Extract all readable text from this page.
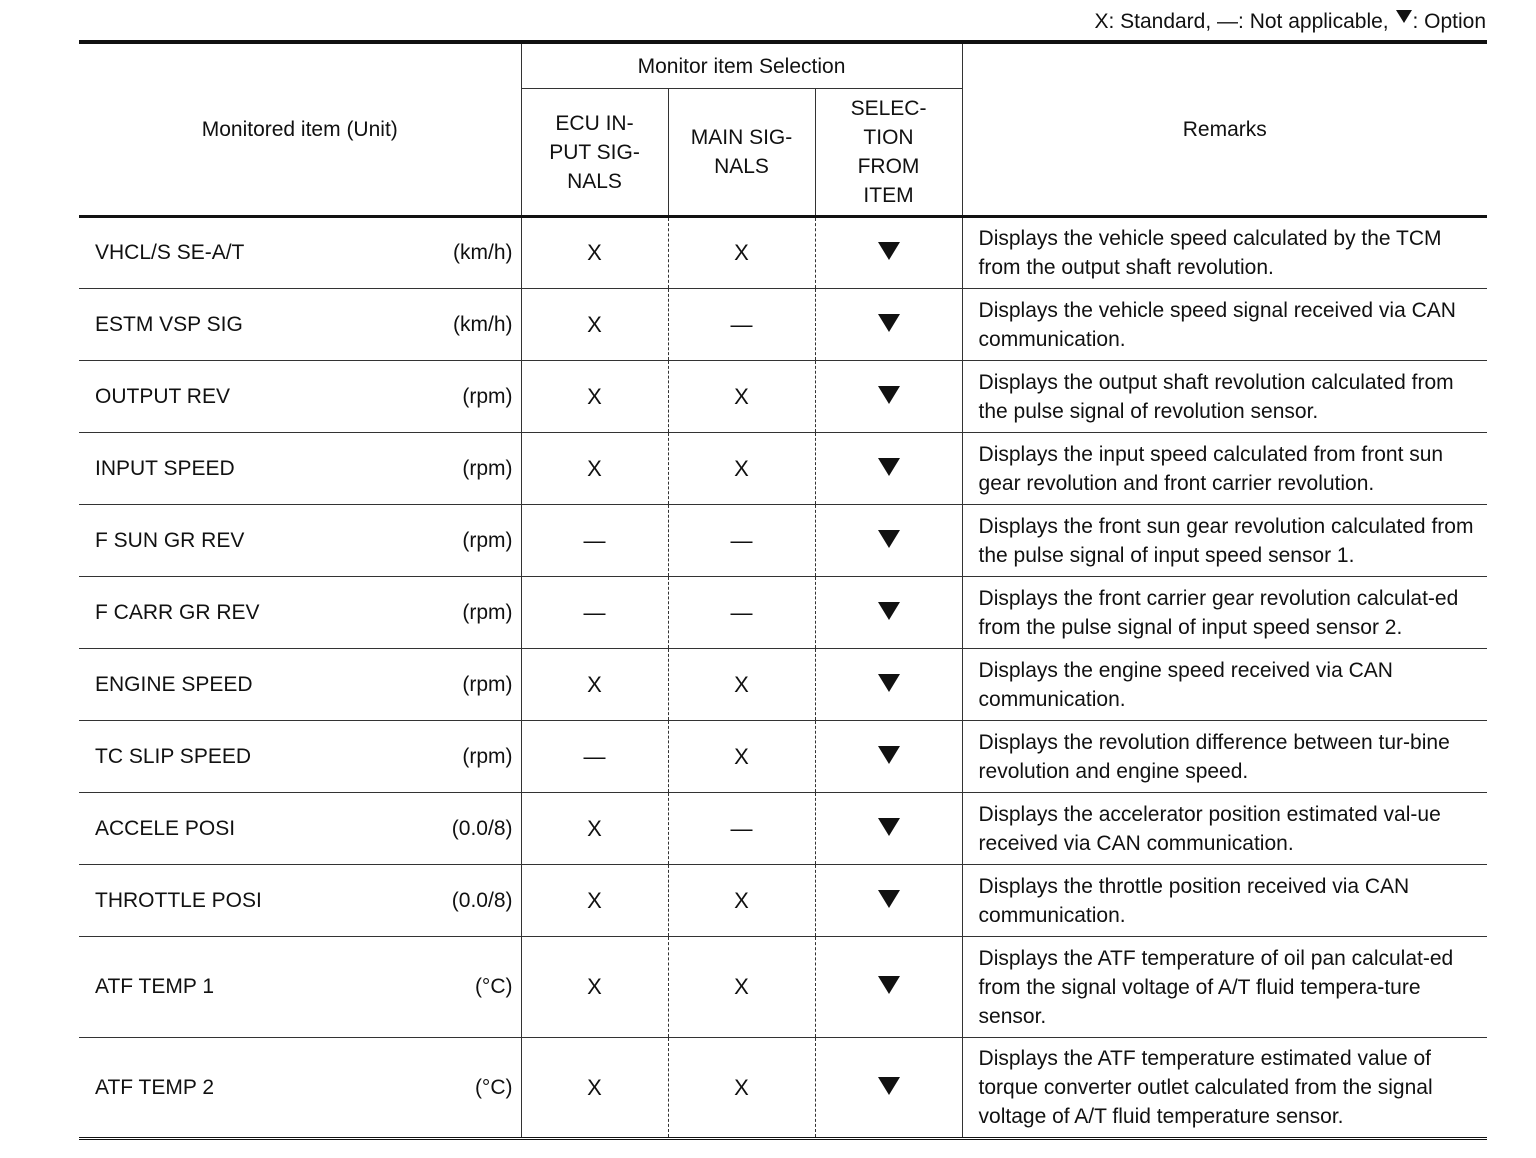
X: Standard, —: Not applicable, : Option
Monitored item (Unit)	Monitor item Selection			Remarks
	ECU IN-
PUT SIG-
NALS	MAIN SIG-
NALS	SELEC-
TION
FROM
ITEM	

VHCL/S SE-A/T (km/h)	X	X		Displays the vehicle speed calculated by the TCM from the output shaft revolution.

ESTM VSP SIG (km/h)	X	—		Displays the vehicle speed signal received via CAN communication.

OUTPUT REV (rpm)	X	X		Displays the output shaft revolution calculated from the pulse signal of revolution sensor.

INPUT SPEED (rpm)	X	X		Displays the input speed calculated from front sun gear revolution and front carrier revolution.

F SUN GR REV (rpm)	—	—		Displays the front sun gear revolution calculated from the pulse signal of input speed sensor 1.

F CARR GR REV (rpm)	—	—		Displays the front carrier gear revolution calculat-ed from the pulse signal of input speed sensor 2.

ENGINE SPEED (rpm)	X	X		Displays the engine speed received via CAN communication.

TC SLIP SPEED (rpm)	—	X		Displays the revolution difference between tur-bine revolution and engine speed.

ACCELE POSI (0.0/8)	X	—		Displays the accelerator position estimated val-ue received via CAN communication.

THROTTLE POSI (0.0/8)	X	X		Displays the throttle position received via CAN communication.

ATF TEMP 1 (°C)	X	X		Displays the ATF temperature of oil pan calculat-ed from the signal voltage of A/T fluid tempera-ture sensor.

ATF TEMP 2 (°C)	X	X		Displays the ATF temperature estimated value of torque converter outlet calculated from the signal voltage of A/T fluid temperature sensor.
